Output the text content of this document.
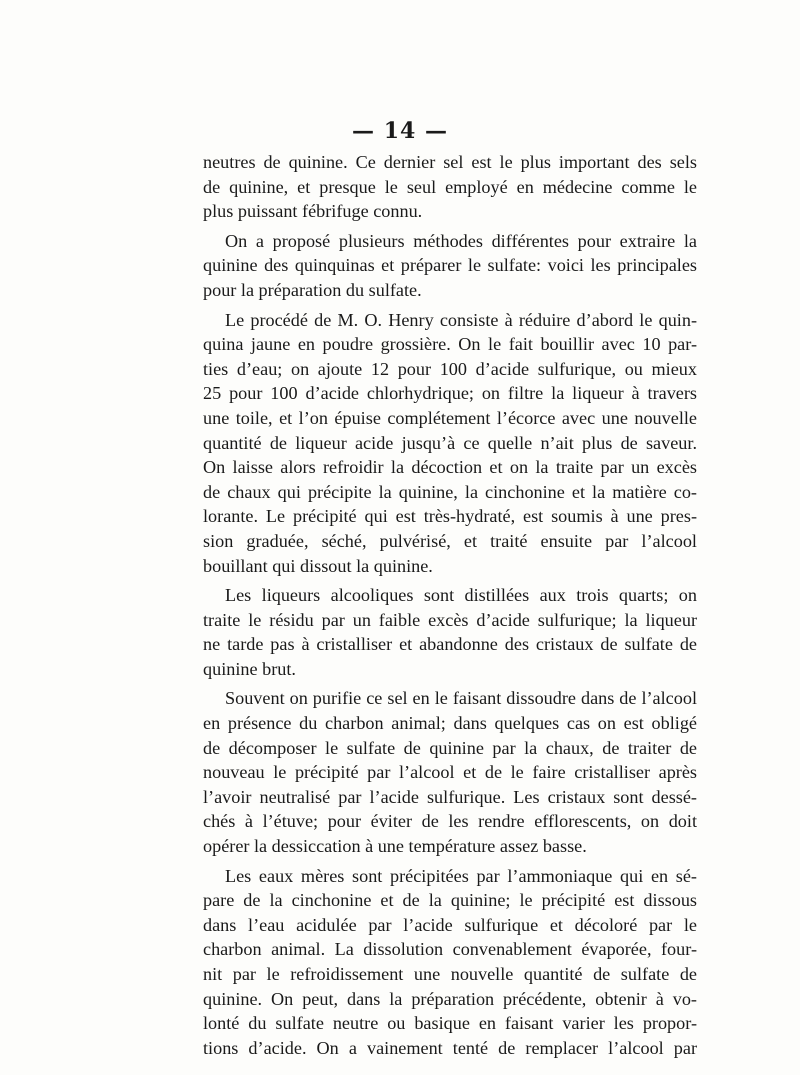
— 14 —
neutres de quinine. Ce dernier sel est le plus important des sels
de quinine, et presque le seul employé en médecine comme le
plus puissant fébrifuge connu.
On a proposé plusieurs méthodes différentes pour extraire la
quinine des quinquinas et préparer le sulfate: voici les principales
pour la préparation du sulfate.
Le procédé de M. O. Henry consiste à réduire d’abord le quin-
quina jaune en poudre grossière. On le fait bouillir avec 10 par-
ties d’eau; on ajoute 12 pour 100 d’acide sulfurique, ou mieux
25 pour 100 d’acide chlorhydrique; on filtre la liqueur à travers
une toile, et l’on épuise complétement l’écorce avec une nouvelle
quantité de liqueur acide jusqu’à ce quelle n’ait plus de saveur.
On laisse alors refroidir la décoction et on la traite par un excès
de chaux qui précipite la quinine, la cinchonine et la matière co-
lorante. Le précipité qui est très-hydraté, est soumis à une pres-
sion graduée, séché, pulvérisé, et traité ensuite par l’alcool
bouillant qui dissout la quinine.
Les liqueurs alcooliques sont distillées aux trois quarts; on
traite le résidu par un faible excès d’acide sulfurique; la liqueur
ne tarde pas à cristalliser et abandonne des cristaux de sulfate de
quinine brut.
Souvent on purifie ce sel en le faisant dissoudre dans de l’alcool
en présence du charbon animal; dans quelques cas on est obligé
de décomposer le sulfate de quinine par la chaux, de traiter de
nouveau le précipité par l’alcool et de le faire cristalliser après
l’avoir neutralisé par l’acide sulfurique. Les cristaux sont dessé-
chés à l’étuve; pour éviter de les rendre efflorescents, on doit
opérer la dessiccation à une température assez basse.
Les eaux mères sont précipitées par l’ammoniaque qui en sé-
pare de la cinchonine et de la quinine; le précipité est dissous
dans l’eau acidulée par l’acide sulfurique et décoloré par le
charbon animal. La dissolution convenablement évaporée, four-
nit par le refroidissement une nouvelle quantité de sulfate de
quinine. On peut, dans la préparation précédente, obtenir à vo-
lonté du sulfate neutre ou basique en faisant varier les propor-
tions d’acide. On a vainement tenté de remplacer l’alcool par
